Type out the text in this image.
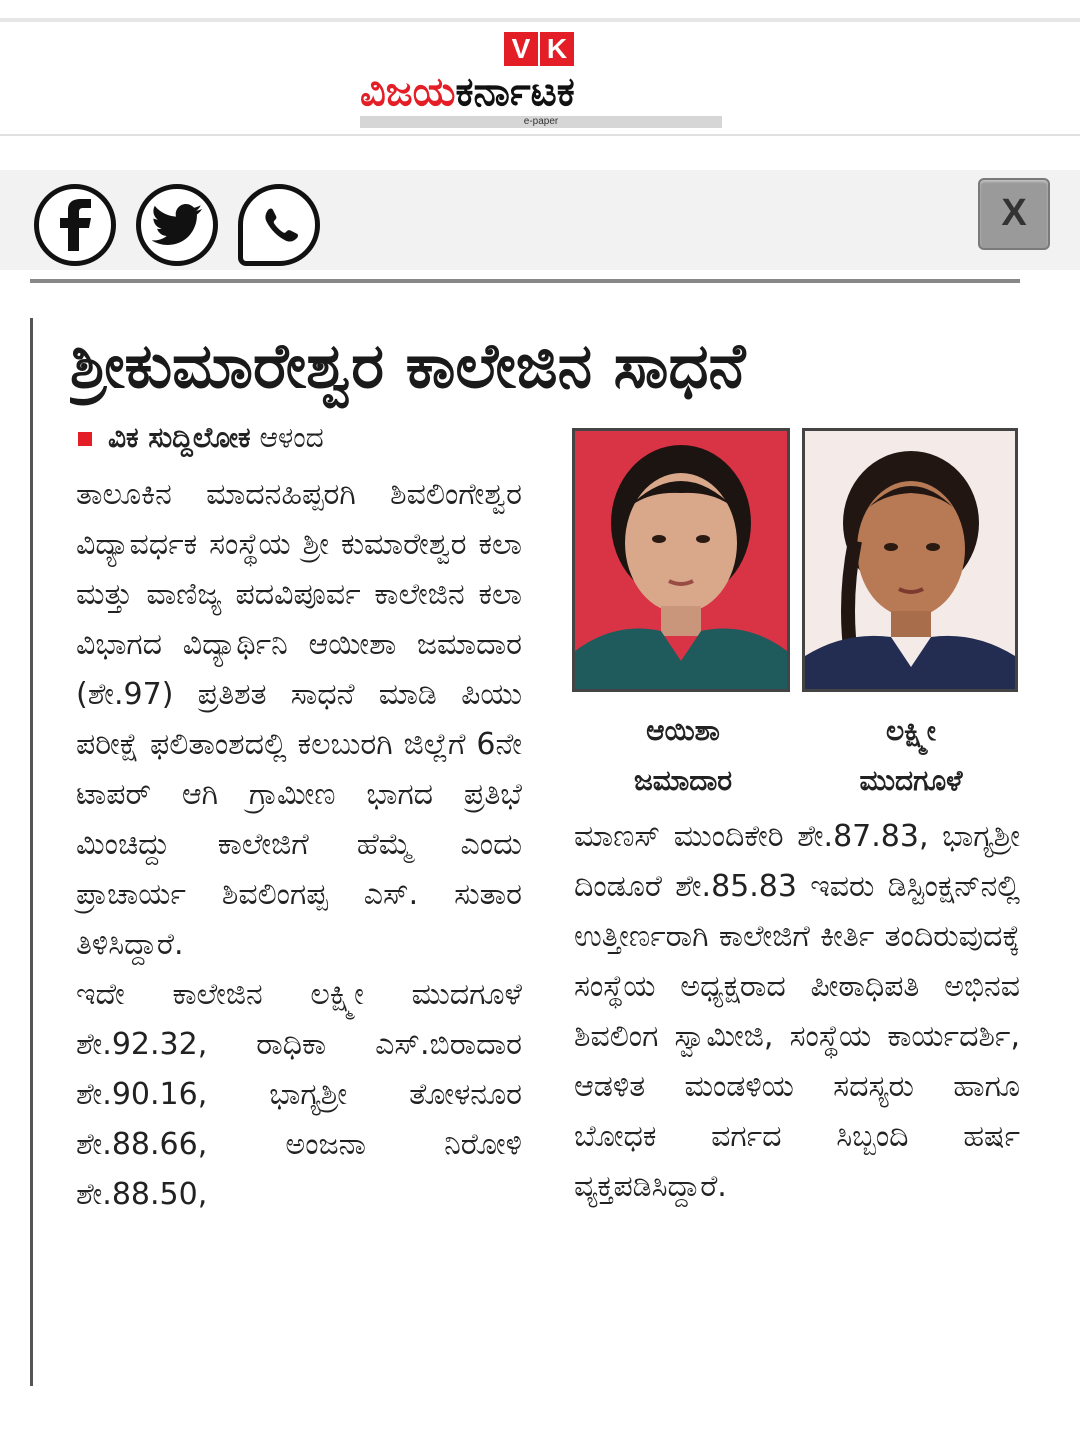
V K
ವಿಜಯಕರ್ನಾಟಕ
e-paper
X
ಶ್ರೀಕುಮಾರೇಶ್ವರ ಕಾಲೇಜಿನ ಸಾಧನೆ
ವಿಕ ಸುದ್ದಿಲೋಕ ಆಳಂದ

ತಾಲೂಕಿನ ಮಾದನಹಿಪ್ಪರಗಿ ಶಿವಲಿಂಗೇಶ್ವರ ವಿದ್ಯಾವರ್ಧಕ ಸಂಸ್ಥೆಯ ಶ್ರೀ ಕುಮಾರೇಶ್ವರ ಕಲಾ ಮತ್ತು ವಾಣಿಜ್ಯ ಪದವಿಪೂರ್ವ ಕಾಲೇಜಿನ ಕಲಾ ವಿಭಾಗದ ವಿದ್ಯಾರ್ಥಿನಿ ಆಯೀಶಾ ಜಮಾದಾರ (ಶೇ.97) ಪ್ರತಿಶತ ಸಾಧನೆ ಮಾಡಿ ಪಿಯು ಪರೀಕ್ಷೆ ಫಲಿತಾಂಶದಲ್ಲಿ ಕಲಬುರಗಿ ಜಿಲ್ಲೆಗೆ 6ನೇ ಟಾಪರ್ ಆಗಿ ಗ್ರಾಮೀಣ ಭಾಗದ ಪ್ರತಿಭೆ ಮಿಂಚಿದ್ದು ಕಾಲೇಜಿಗೆ ಹೆಮ್ಮೆ ಎಂದು ಪ್ರಾಚಾರ್ಯ ಶಿವಲಿಂಗಪ್ಪ ಎಸ್. ಸುತಾರ ತಿಳಿಸಿದ್ದಾರೆ.

ಇದೇ ಕಾಲೇಜಿನ ಲಕ್ಷ್ಮೀ ಮುದಗೂಳೆ ಶೇ.92.32, ರಾಧಿಕಾ ಎಸ್.ಬಿರಾದಾರ ಶೇ.90.16, ಭಾಗ್ಯಶ್ರೀ ತೋಳನೂರ ಶೇ.88.66, ಅಂಜನಾ ನಿರೋಳಿ ಶೇ.88.50,

ಆಯಿಶಾ
ಜಮಾದಾರ
ಲಕ್ಷ್ಮೀ
ಮುದಗೂಳೆ

ಮಾಣಸ್ ಮುಂದಿಕೇರಿ ಶೇ.87.83, ಭಾಗ್ಯಶ್ರೀ ದಿಂಡೂರೆ ಶೇ.85.83 ಇವರು ಡಿಸ್ಟಿಂಕ್ಷನ್‌ನಲ್ಲಿ ಉತ್ತೀರ್ಣರಾಗಿ ಕಾಲೇಜಿಗೆ ಕೀರ್ತಿ ತಂದಿರುವುದಕ್ಕೆ ಸಂಸ್ಥೆಯ ಅಧ್ಯಕ್ಷರಾದ ಪೀಠಾಧಿಪತಿ ಅಭಿನವ ಶಿವಲಿಂಗ ಸ್ವಾಮೀಜಿ, ಸಂಸ್ಥೆಯ ಕಾರ್ಯದರ್ಶಿ, ಆಡಳಿತ ಮಂಡಳಿಯ ಸದಸ್ಯರು ಹಾಗೂ ಬೋಧಕ ವರ್ಗದ ಸಿಬ್ಬಂದಿ ಹರ್ಷ ವ್ಯಕ್ತಪಡಿಸಿದ್ದಾರೆ.
